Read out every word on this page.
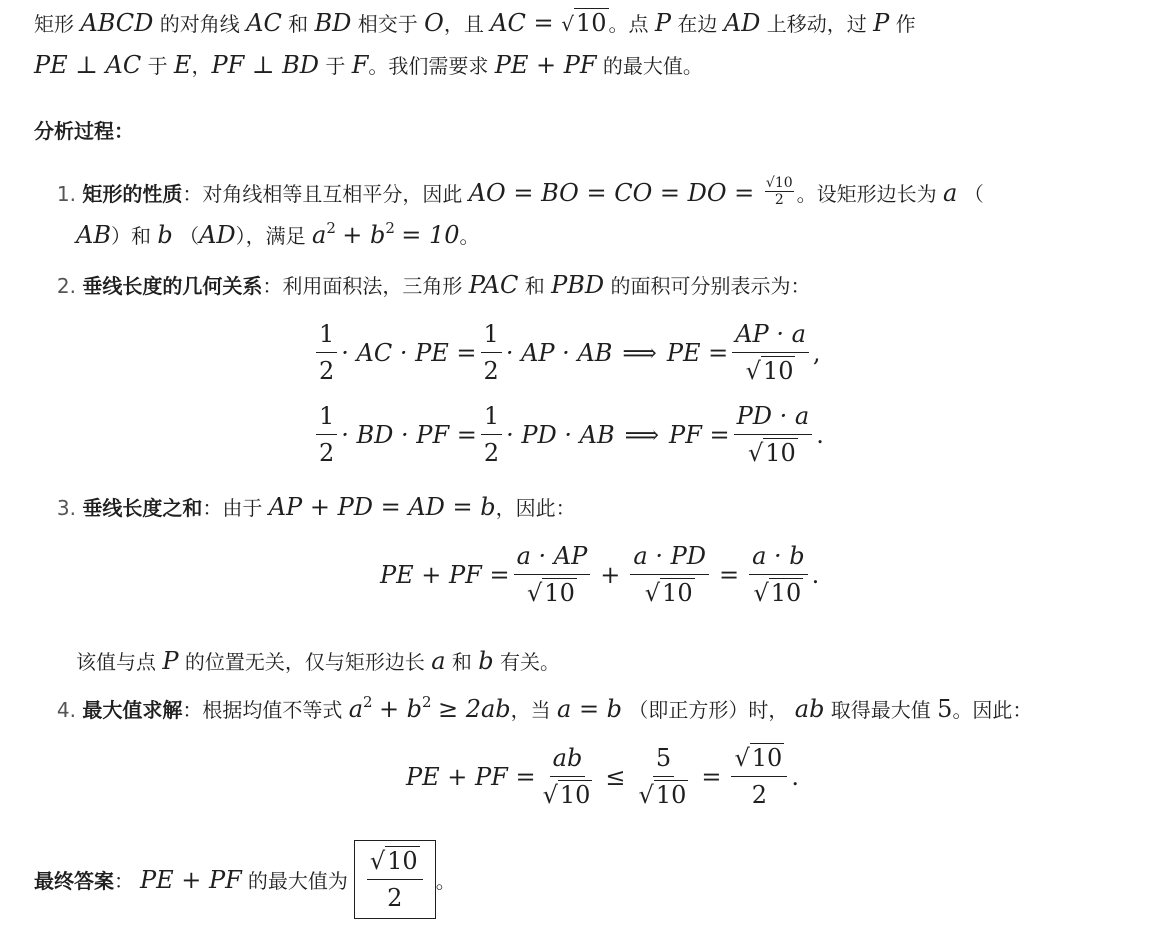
矩形 ABCD 的对角线 AC 和 BD 相交于 O，且 AC = √10 。点 P 在边 AD 上移动，过 P 作
PE ⊥ AC 于 E，PF ⊥ BD 于 F。我们需要求 PE + PF 的最大值。
分析过程：
1. 矩形的性质：对角线相等且互相平分，因此 AO = BO = CO = DO = $\frac{√10}{2}$ 。设矩形边长为 a （
AB）和 b （AD），满足 $a^2 + b^2 = 10$。
2. 垂线长度的几何关系：利用面积法，三角形 PAC 和 PBD 的面积可分别表示为：
$\frac{1}{2}$ · AC · PE = $\frac{1}{2}$ · AP · AB ⟹ PE = $\frac{AP \cdot a}{√10}$ ,
$\frac{1}{2}$ · BD · PF = $\frac{1}{2}$ · PD · AB ⟹ PF = $\frac{PD \cdot a}{√10}$ .
3. 垂线长度之和：由于 AP + PD = AD = b，因此：
PE + PF = $\frac{a \cdot AP}{√10} + \frac{a \cdot PD}{√10} = \frac{a \cdot b}{√10}$ .
该值与点 P 的位置无关，仅与矩形边长 a 和 b 有关。
4. 最大值求解：根据均值不等式 $a^2 + b^2 \ge 2ab$，当 a = b （即正方形）时， ab 取得最大值 5。因此：
PE + PF = $\frac{ab}{√10} \le \frac{5}{√10} = \frac{√10}{2}$ .
最终答案 ： PE + PF 的最大值为 $\frac{√10}{2}$ 。
